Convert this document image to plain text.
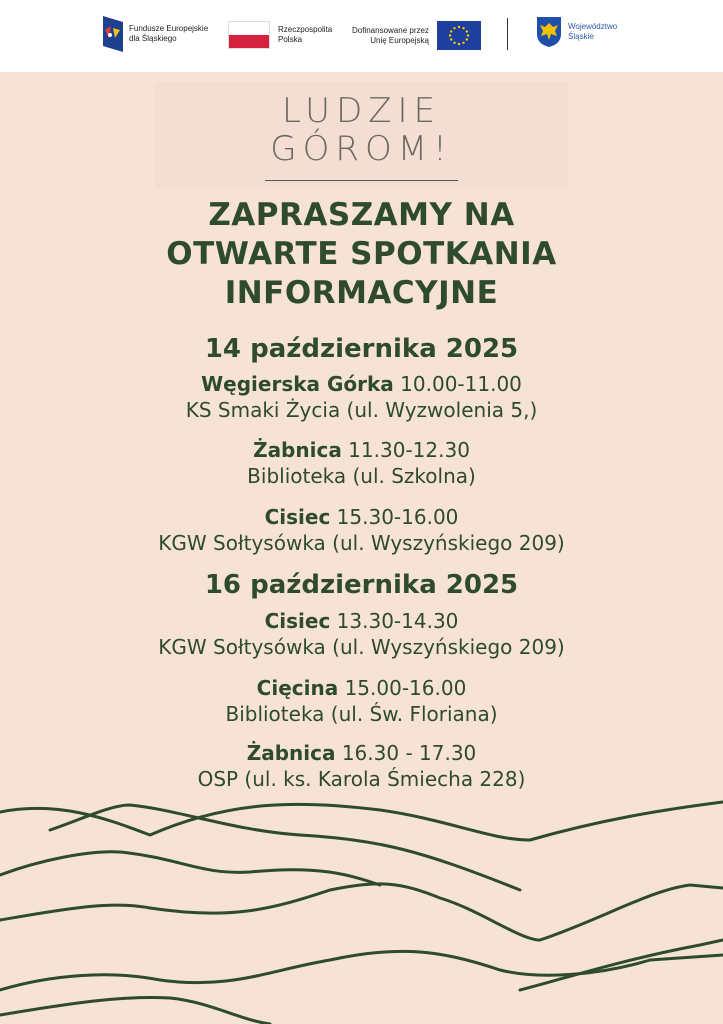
Fundusze Europejskie
dla Śląskiego
Rzeczpospolita
Polska
Dofinansowane przez
Unię Europejską
Województwo
Śląskie
LUDZIE
GÓROM!
ZAPRASZAMY NA
OTWARTE SPOTKANIA
INFORMACYJNE
14 października 2025
Węgierska Górka 10.00-11.00
KS Smaki Życia (ul. Wyzwolenia 5,)
Żabnica 11.30-12.30
Biblioteka (ul. Szkolna)
Cisiec 15.30-16.00
KGW Sołtysówka (ul. Wyszyńskiego 209)
16 października 2025
Cisiec 13.30-14.30
KGW Sołtysówka (ul. Wyszyńskiego 209)
Cięcina 15.00-16.00
Biblioteka (ul. Św. Floriana)
Żabnica 16.30 - 17.30
OSP (ul. ks. Karola Śmiecha 228)
